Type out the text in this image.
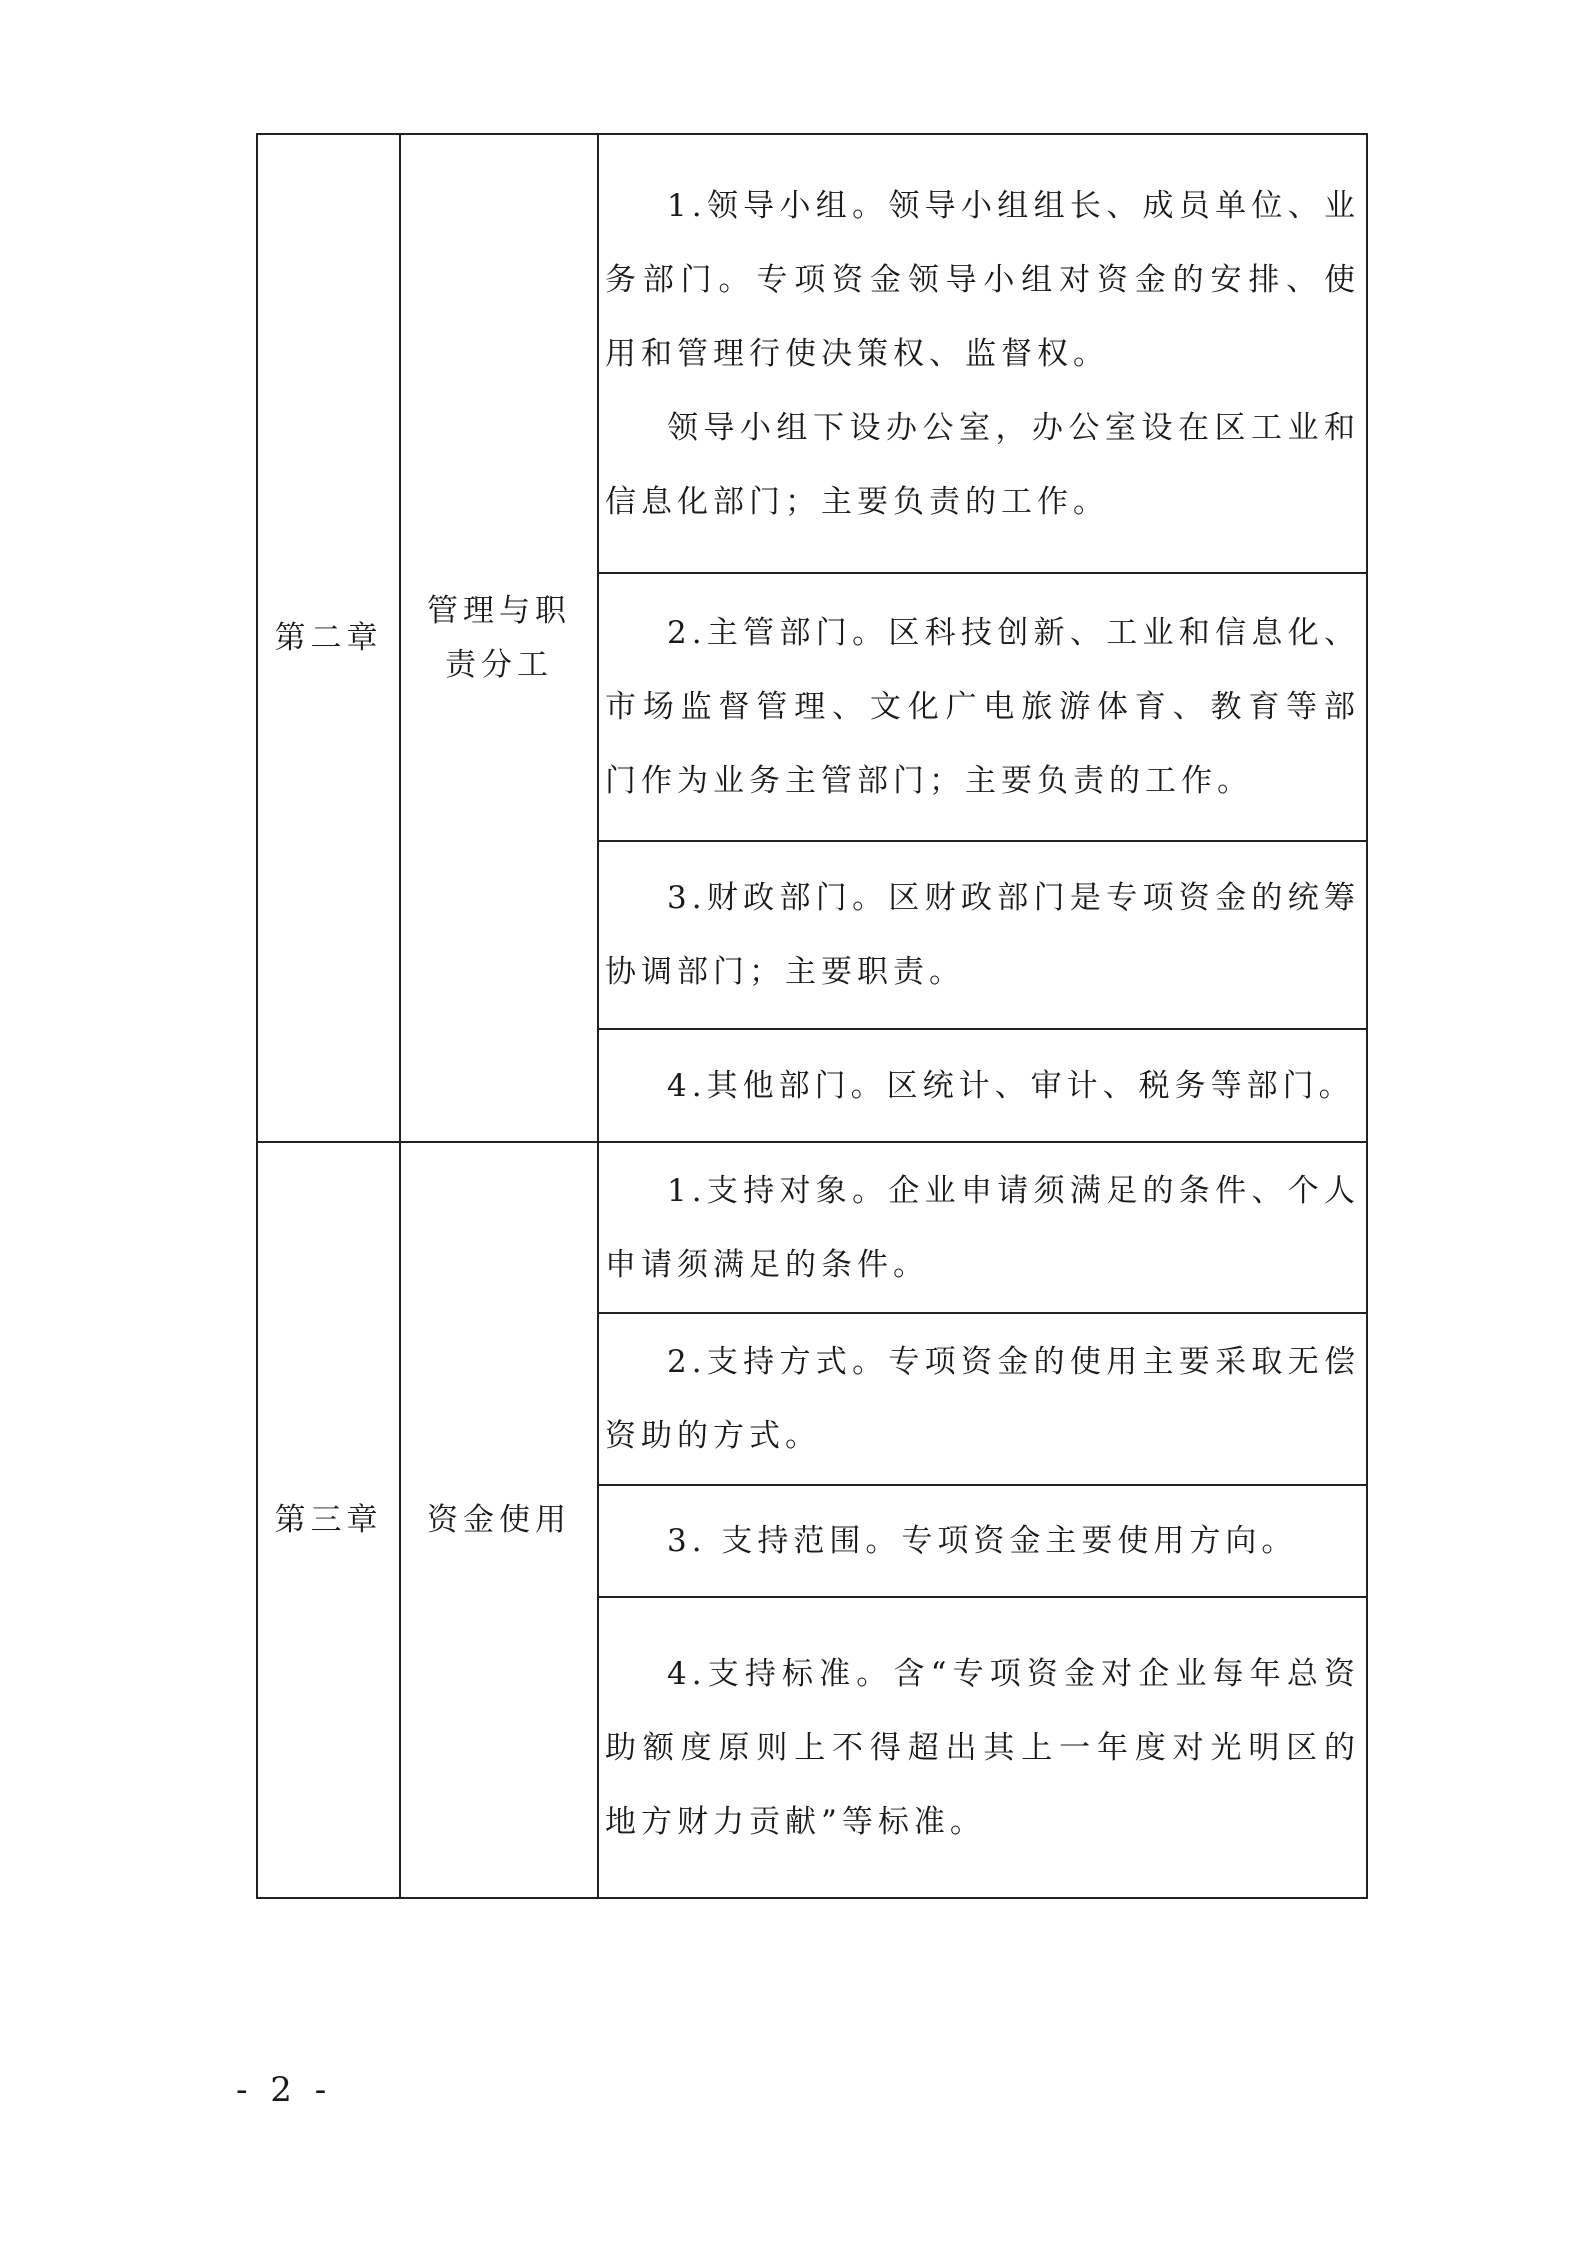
第二章	管理与职责分工	1.领导小组。领导小组组长、成员单位、业务部门。专项资金领导小组对资金的安排、使用和管理行使决策权、监督权。

领导小组下设办公室，办公室设在区工业和信息化部门；主要负责的工作。

		2.主管部门。区科技创新、工业和信息化、市场监督管理、文化广电旅游体育、教育等部门作为业务主管部门；主要负责的工作。

		3.财政部门。区财政部门是专项资金的统筹协调部门；主要职责。

		4.其他部门。区统计、审计、税务等部门。

第三章	资金使用	1.支持对象。企业申请须满足的条件、个人申请须满足的条件。

		2.支持方式。专项资金的使用主要采取无偿资助的方式。

		3. 支持范围。专项资金主要使用方向。

		4.支持标准。含“专项资金对企业每年总资助额度原则上不得超出其上一年度对光明区的地方财力贡献”等标准。

- 2 -
